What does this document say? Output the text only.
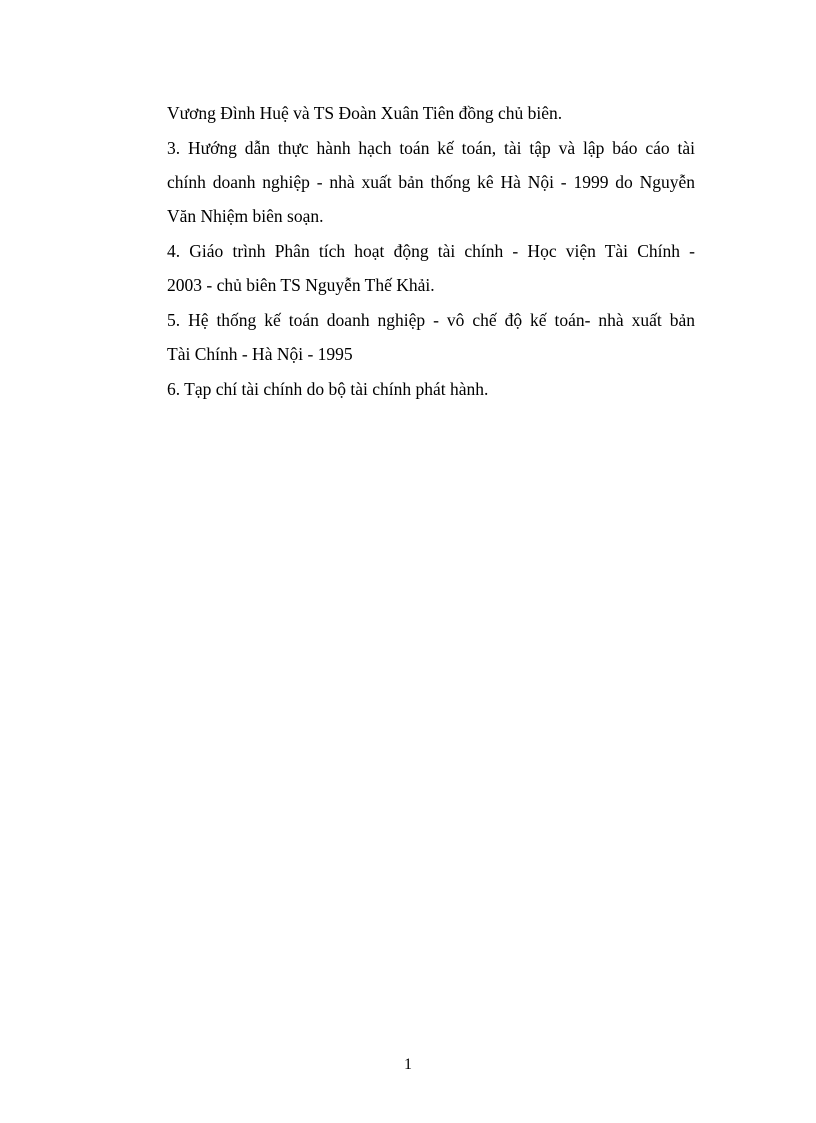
Vương Đình Huệ và TS Đoàn Xuân Tiên đồng chủ biên.
3. Hướng dẫn thực hành hạch toán kế toán, tài tập và lập báo cáo tài
chính doanh nghiệp - nhà xuất bản thống kê Hà Nội - 1999 do Nguyễn
Văn Nhiệm biên soạn.
4. Giáo trình Phân tích hoạt động tài chính - Học viện Tài Chính -
2003 - chủ biên TS Nguyễn Thế Khải.
5. Hệ thống kế toán doanh nghiệp - vô chế độ kế toán- nhà xuất bản
Tài Chính - Hà Nội - 1995
6. Tạp chí tài chính do bộ tài chính phát hành.
1
